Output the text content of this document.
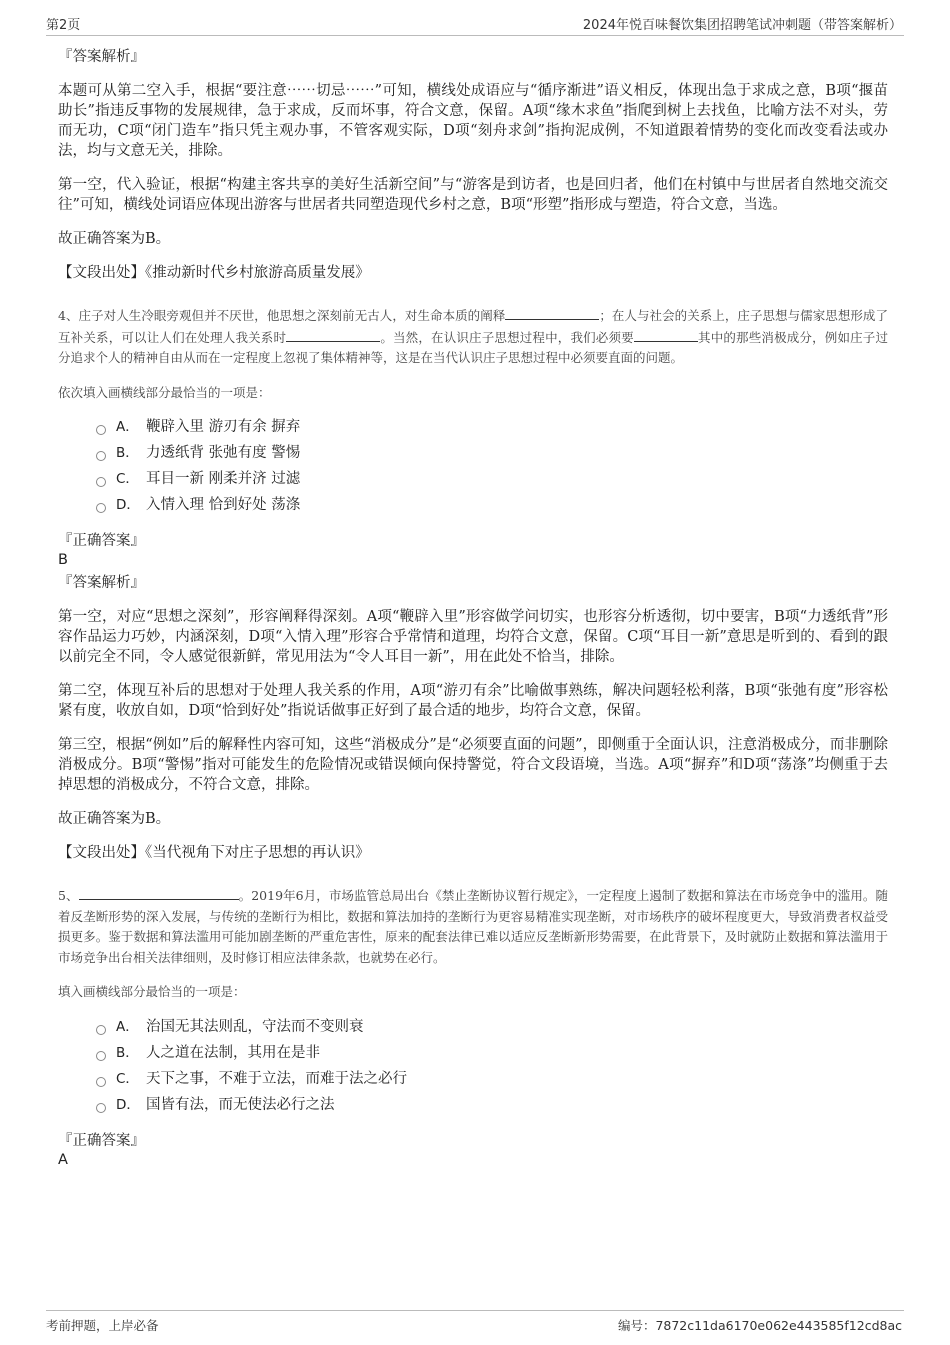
第2页	2024年悦百味餐饮集团招聘笔试冲刺题（带答案解析）

『答案解析』

本题可从第二空入手，根据“要注意⋯⋯切忌⋯⋯”可知，横线处成语应与“循序渐进”语义相反，体现出急于求成之意，B项“揠苗助长”指违反事物的发展规律，急于求成，反而坏事，符合文意，保留。A项“缘木求鱼”指爬到树上去找鱼，比喻方法不对头，劳而无功，C项“闭门造车”指只凭主观办事，不管客观实际，D项“刻舟求剑”指拘泥成例，不知道跟着情势的变化而改变看法或办法，均与文意无关，排除。

第一空，代入验证，根据“构建主客共享的美好生活新空间”与“游客是到访者，也是回归者，他们在村镇中与世居者自然地交流交往”可知，横线处词语应体现出游客与世居者共同塑造现代乡村之意，B项“形塑”指形成与塑造，符合文意，当选。

故正确答案为B。

【文段出处】《推动新时代乡村旅游高质量发展》

4、庄子对人生冷眼旁观但并不厌世，他思想之深刻前无古人，对生命本质的阐释	；在人与社会的关系上，庄子思想与儒家思想形成了互补关系，可以让人们在处理人我关系时	。当然，在认识庄子思想过程中，我们必须要	其中的那些消极成分，例如庄子过分追求个人的精神自由从而在一定程度上忽视了集体精神等，这是在当代认识庄子思想过程中必须要直面的问题。

依次填入画横线部分最恰当的一项是：

A． 鞭辟入里 游刃有余 摒弃
B． 力透纸背 张弛有度 警惕
C． 耳目一新 刚柔并济 过滤
D． 入情入理 恰到好处 荡涤

『正确答案』

B

『答案解析』

第一空，对应“思想之深刻”，形容阐释得深刻。A项“鞭辟入里”形容做学问切实，也形容分析透彻，切中要害，B项“力透纸背”形容作品运力巧妙，内涵深刻，D项“入情入理”形容合乎常情和道理，均符合文意，保留。C项“耳目一新”意思是听到的、看到的跟以前完全不同，令人感觉很新鲜，常见用法为“令人耳目一新”，用在此处不恰当，排除。

第二空，体现互补后的思想对于处理人我关系的作用，A项“游刃有余”比喻做事熟练，解决问题轻松利落，B项“张弛有度”形容松紧有度，收放自如，D项“恰到好处”指说话做事正好到了最合适的地步，均符合文意，保留。

第三空，根据“例如”后的解释性内容可知，这些“消极成分”是“必须要直面的问题”，即侧重于全面认识，注意消极成分，而非删除消极成分。B项“警惕”指对可能发生的危险情况或错误倾向保持警觉，符合文段语境，当选。A项“摒弃”和D项“荡涤”均侧重于去掉思想的消极成分，不符合文意，排除。

故正确答案为B。

【文段出处】《当代视角下对庄子思想的再认识》

5、	。2019年6月，市场监管总局出台《禁止垄断协议暂行规定》，一定程度上遏制了数据和算法在市场竞争中的滥用。随着反垄断形势的深入发展，与传统的垄断行为相比，数据和算法加持的垄断行为更容易精准实现垄断，对市场秩序的破坏程度更大，导致消费者权益受损更多。鉴于数据和算法滥用可能加剧垄断的严重危害性，原来的配套法律已难以适应反垄断新形势需要，在此背景下，及时就防止数据和算法滥用于市场竞争出台相关法律细则，及时修订相应法律条款，也就势在必行。

填入画横线部分最恰当的一项是：

A． 治国无其法则乱，守法而不变则衰
B． 人之道在法制，其用在是非
C． 天下之事，不难于立法，而难于法之必行
D． 国皆有法，而无使法必行之法

『正确答案』

A

考前押题，上岸必备	编号：7872c11da6170e062e443585f12cd8ac
